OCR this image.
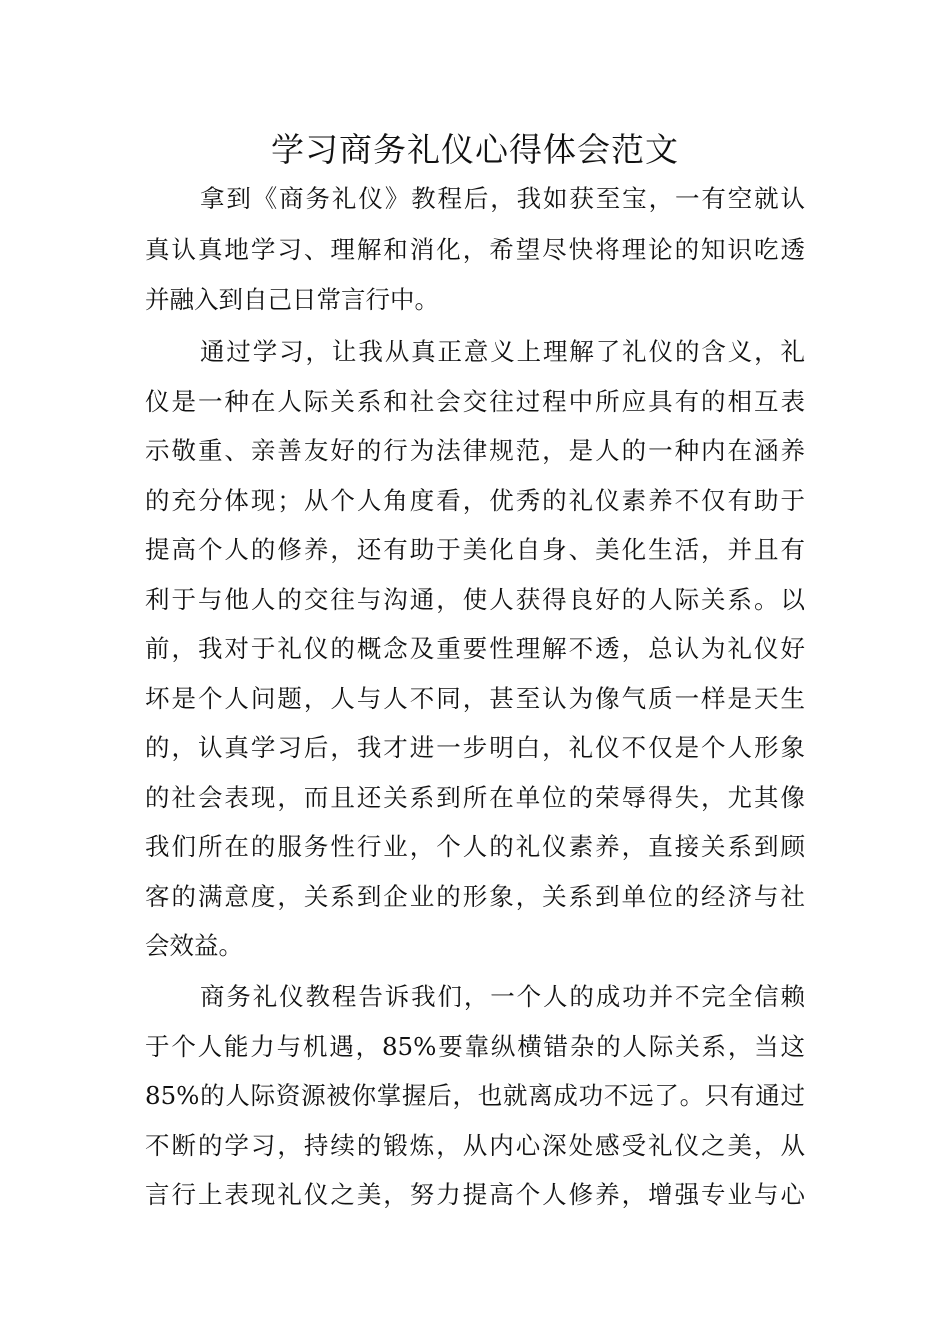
学习商务礼仪心得体会范文

拿到《商务礼仪》教程后，我如获至宝，一有空就认

真认真地学习、理解和消化，希望尽快将理论的知识吃透

并融入到自己日常言行中。

通过学习，让我从真正意义上理解了礼仪的含义，礼

仪是一种在人际关系和社会交往过程中所应具有的相互表

示敬重、亲善友好的行为法律规范，是人的一种内在涵养

的充分体现；从个人角度看，优秀的礼仪素养不仅有助于

提高个人的修养，还有助于美化自身、美化生活，并且有

利于与他人的交往与沟通，使人获得良好的人际关系。以

前，我对于礼仪的概念及重要性理解不透，总认为礼仪好

坏是个人问题，人与人不同，甚至认为像气质一样是天生

的，认真学习后，我才进一步明白，礼仪不仅是个人形象

的社会表现，而且还关系到所在单位的荣辱得失，尤其像

我们所在的服务性行业，个人的礼仪素养，直接关系到顾

客的满意度，关系到企业的形象，关系到单位的经济与社

会效益。

商务礼仪教程告诉我们，一个人的成功并不完全信赖

于个人能力与机遇，85%要靠纵横错杂的人际关系，当这

85%的人际资源被你掌握后，也就离成功不远了。只有通过

不断的学习，持续的锻炼，从内心深处感受礼仪之美，从

言行上表现礼仪之美，努力提高个人修养，增强专业与心
